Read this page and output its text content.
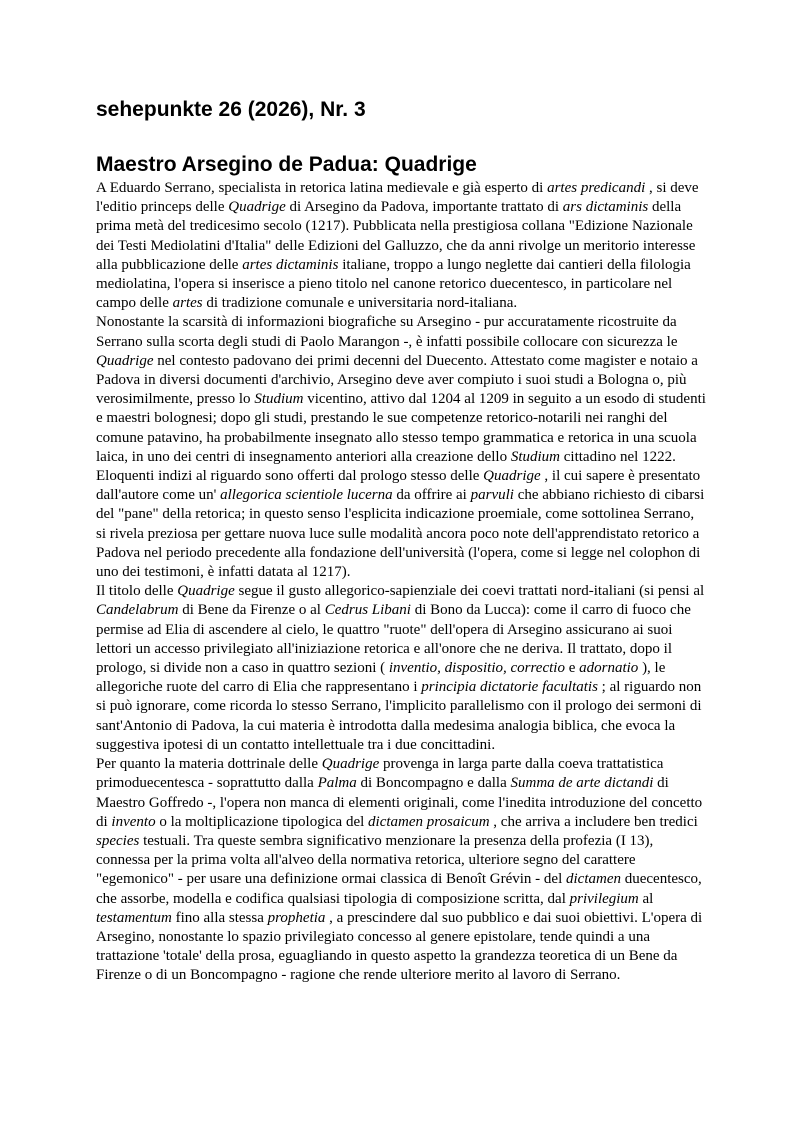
sehepunkte 26 (2026), Nr. 3
Maestro Arsegino de Padua: Quadrige

A Eduardo Serrano, specialista in retorica latina medievale e già esperto di artes predicandi , si deve l'editio princeps delle Quadrige di Arsegino da Padova, importante trattato di ars dictaminis della prima metà del tredicesimo secolo (1217). Pubblicata nella prestigiosa collana "Edizione Nazionale dei Testi Mediolatini d'Italia" delle Edizioni del Galluzzo, che da anni rivolge un meritorio interesse alla pubblicazione delle artes dictaminis italiane, troppo a lungo neglette dai cantieri della filologia mediolatina, l'opera si inserisce a pieno titolo nel canone retorico duecentesco, in particolare nel campo delle artes di tradizione comunale e universitaria nord-italiana.

Nonostante la scarsità di informazioni biografiche su Arsegino - pur accuratamente ricostruite da Serrano sulla scorta degli studi di Paolo Marangon -, è infatti possibile collocare con sicurezza le Quadrige nel contesto padovano dei primi decenni del Duecento. Attestato come magister e notaio a Padova in diversi documenti d'archivio, Arsegino deve aver compiuto i suoi studi a Bologna o, più verosimilmente, presso lo Studium vicentino, attivo dal 1204 al 1209 in seguito a un esodo di studenti e maestri bolognesi; dopo gli studi, prestando le sue competenze retorico-notarili nei ranghi del comune patavino, ha probabilmente insegnato allo stesso tempo grammatica e retorica in una scuola laica, in uno dei centri di insegnamento anteriori alla creazione dello Studium cittadino nel 1222. Eloquenti indizi al riguardo sono offerti dal prologo stesso delle Quadrige , il cui sapere è presentato dall'autore come un' allegorica scientiole lucerna da offrire ai parvuli che abbiano richiesto di cibarsi del "pane" della retorica; in questo senso l'esplicita indicazione proemiale, come sottolinea Serrano, si rivela preziosa per gettare nuova luce sulle modalità ancora poco note dell'apprendistato retorico a Padova nel periodo precedente alla fondazione dell'università (l'opera, come si legge nel colophon di uno dei testimoni, è infatti datata al 1217).

Il titolo delle Quadrige segue il gusto allegorico-sapienziale dei coevi trattati nord-italiani (si pensi al Candelabrum di Bene da Firenze o al Cedrus Libani di Bono da Lucca): come il carro di fuoco che permise ad Elia di ascendere al cielo, le quattro "ruote" dell'opera di Arsegino assicurano ai suoi lettori un accesso privilegiato all'iniziazione retorica e all'onore che ne deriva. Il trattato, dopo il prologo, si divide non a caso in quattro sezioni ( inventio, dispositio, correctio e adornatio ), le allegoriche ruote del carro di Elia che rappresentano i principia dictatorie facultatis ; al riguardo non si può ignorare, come ricorda lo stesso Serrano, l'implicito parallelismo con il prologo dei sermoni di sant'Antonio di Padova, la cui materia è introdotta dalla medesima analogia biblica, che evoca la suggestiva ipotesi di un contatto intellettuale tra i due concittadini.

Per quanto la materia dottrinale delle Quadrige provenga in larga parte dalla coeva trattatistica primoduecentesca - soprattutto dalla Palma di Boncompagno e dalla Summa de arte dictandi di Maestro Goffredo -, l'opera non manca di elementi originali, come l'inedita introduzione del concetto di invento o la moltiplicazione tipologica del dictamen prosaicum , che arriva a includere ben tredici species testuali. Tra queste sembra significativo menzionare la presenza della profezia (I 13), connessa per la prima volta all'alveo della normativa retorica, ulteriore segno del carattere "egemonico" - per usare una definizione ormai classica di Benoît Grévin - del dictamen duecentesco, che assorbe, modella e codifica qualsiasi tipologia di composizione scritta, dal privilegium al testamentum fino alla stessa prophetia , a prescindere dal suo pubblico e dai suoi obiettivi. L'opera di Arsegino, nonostante lo spazio privilegiato concesso al genere epistolare, tende quindi a una trattazione 'totale' della prosa, eguagliando in questo aspetto la grandezza teoretica di un Bene da Firenze o di un Boncompagno - ragione che rende ulteriore merito al lavoro di Serrano.
